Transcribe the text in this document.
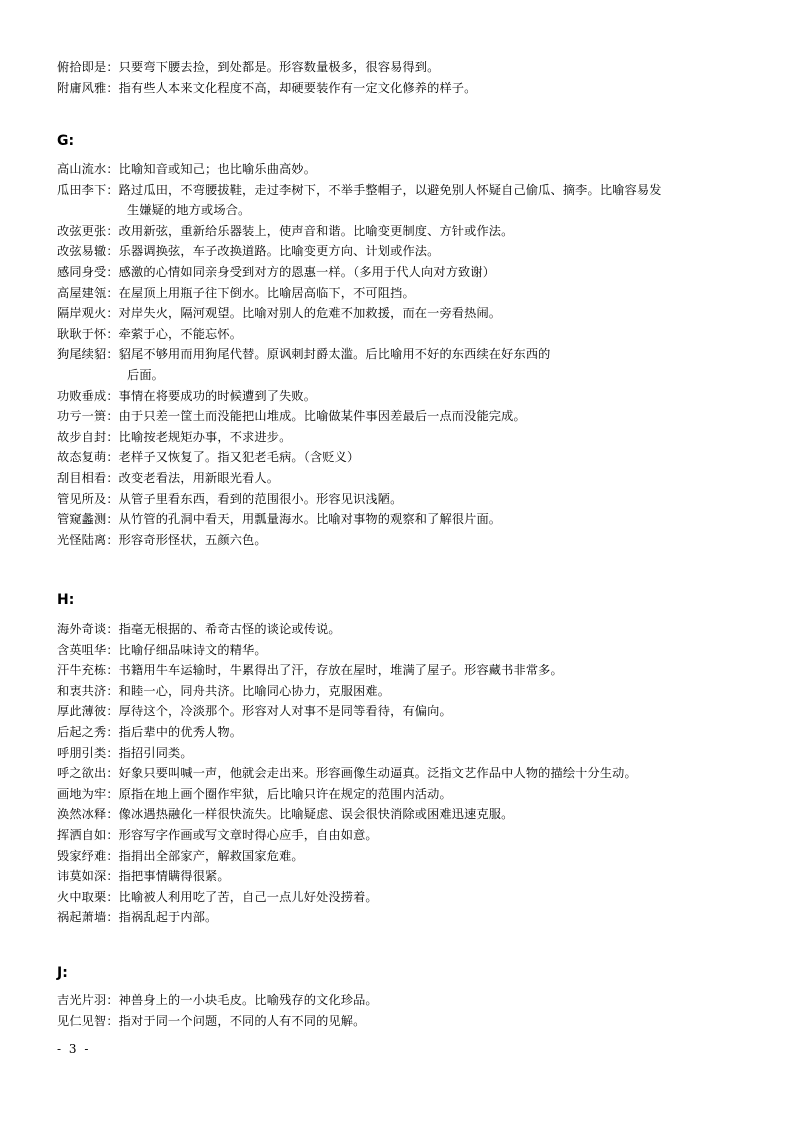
俯拾即是：只要弯下腰去捡，到处都是。形容数量极多，很容易得到。
附庸风雅：指有些人本来文化程度不高，却硬要装作有一定文化修养的样子。
G:
高山流水：比喻知音或知己；也比喻乐曲高妙。
瓜田李下：路过瓜田，不弯腰拔鞋，走过李树下，不举手整帽子，以避免别人怀疑自己偷瓜、摘李。比喻容易发
生嫌疑的地方或场合。
改弦更张：改用新弦，重新给乐器装上，使声音和谐。比喻变更制度、方针或作法。
改弦易辙：乐器调换弦，车子改换道路。比喻变更方向、计划或作法。
感同身受：感激的心情如同亲身受到对方的恩惠一样。（多用于代人向对方致谢）
高屋建瓴：在屋顶上用瓶子往下倒水。比喻居高临下，不可阻挡。
隔岸观火：对岸失火，隔河观望。比喻对别人的危难不加救援，而在一旁看热闹。
耿耿于怀：牵萦于心，不能忘怀。
狗尾续貂：貂尾不够用而用狗尾代替。原讽刺封爵太滥。后比喻用不好的东西续在好东西的
后面。
功败垂成：事情在将要成功的时候遭到了失败。
功亏一篑：由于只差一筐土而没能把山堆成。比喻做某件事因差最后一点而没能完成。
故步自封：比喻按老规矩办事，不求进步。
故态复萌：老样子又恢复了。指又犯老毛病。（含贬义）
刮目相看：改变老看法，用新眼光看人。
管见所及：从管子里看东西，看到的范围很小。形容见识浅陋。
管窥蠡测：从竹管的孔洞中看天，用瓢量海水。比喻对事物的观察和了解很片面。
光怪陆离：形容奇形怪状，五颜六色。
H:
海外奇谈：指毫无根据的、希奇古怪的谈论或传说。
含英咀华：比喻仔细品味诗文的精华。
汗牛充栋：书籍用牛车运输时，牛累得出了汗，存放在屋时，堆满了屋子。形容藏书非常多。
和衷共济：和睦一心，同舟共济。比喻同心协力，克服困难。
厚此薄彼：厚待这个，冷淡那个。形容对人对事不是同等看待，有偏向。
后起之秀：指后辈中的优秀人物。
呼朋引类：指招引同类。
呼之欲出：好象只要叫喊一声，他就会走出来。形容画像生动逼真。泛指文艺作品中人物的描绘十分生动。
画地为牢：原指在地上画个圈作牢狱，后比喻只许在规定的范围内活动。
涣然冰释：像冰遇热融化一样很快流失。比喻疑虑、误会很快消除或困难迅速克服。
挥洒自如：形容写字作画或写文章时得心应手，自由如意。
毁家纾难：指捐出全部家产，解救国家危难。
讳莫如深：指把事情瞒得很紧。
火中取栗：比喻被人利用吃了苦，自己一点儿好处没捞着。
祸起萧墙：指祸乱起于内部。
J:
吉光片羽：神兽身上的一小块毛皮。比喻残存的文化珍品。
见仁见智：指对于同一个问题，不同的人有不同的见解。
- 3 -
